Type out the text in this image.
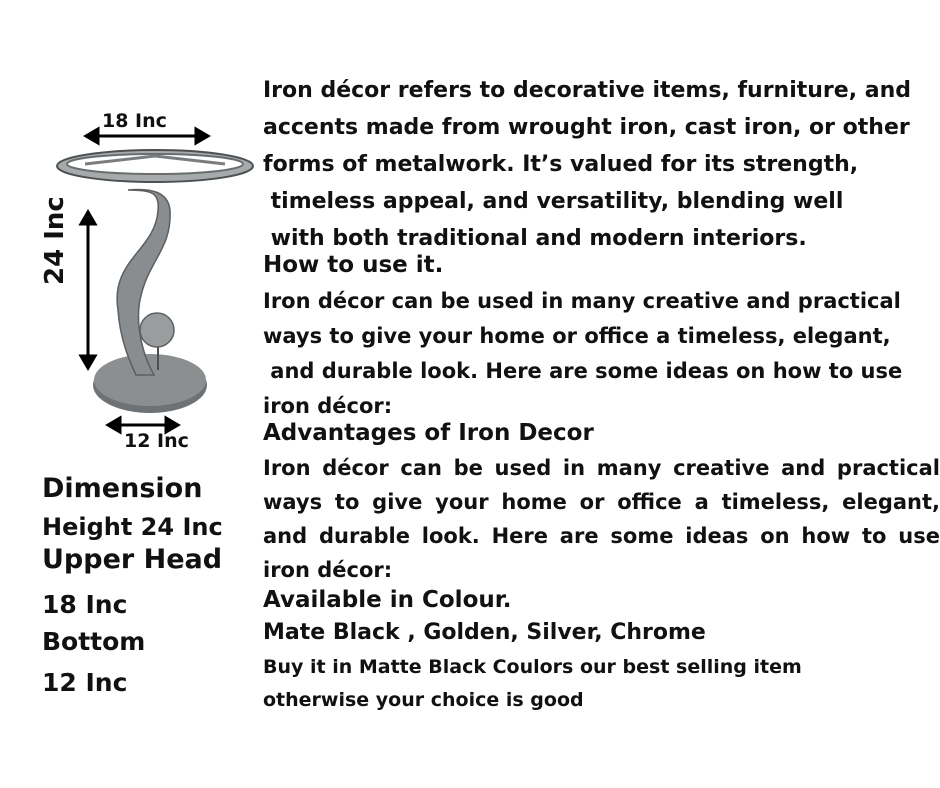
18 Inc
24 Inc
12 Inc
Dimension
Height 24 Inc
Upper Head
18 Inc
Bottom
12 Inc
Iron décor refers to decorative items, furniture, and
accents made from wrought iron, cast iron, or other
forms of metalwork. It’s valued for its strength,
timeless appeal, and versatility, blending well
with both traditional and modern interiors.
How to use it.
Iron décor can be used in many creative and practical
ways to give your home or office a timeless, elegant,
and durable look. Here are some ideas on how to use
iron décor:
Advantages of Iron Decor
Iron décor can be used in many creative and practical
ways to give your home or office a timeless, elegant,
and durable look. Here are some ideas on how to use
iron décor:
Available in Colour.
Mate Black , Golden, Silver, Chrome
Buy it in Matte Black Coulors our best selling item
otherwise your choice is good
